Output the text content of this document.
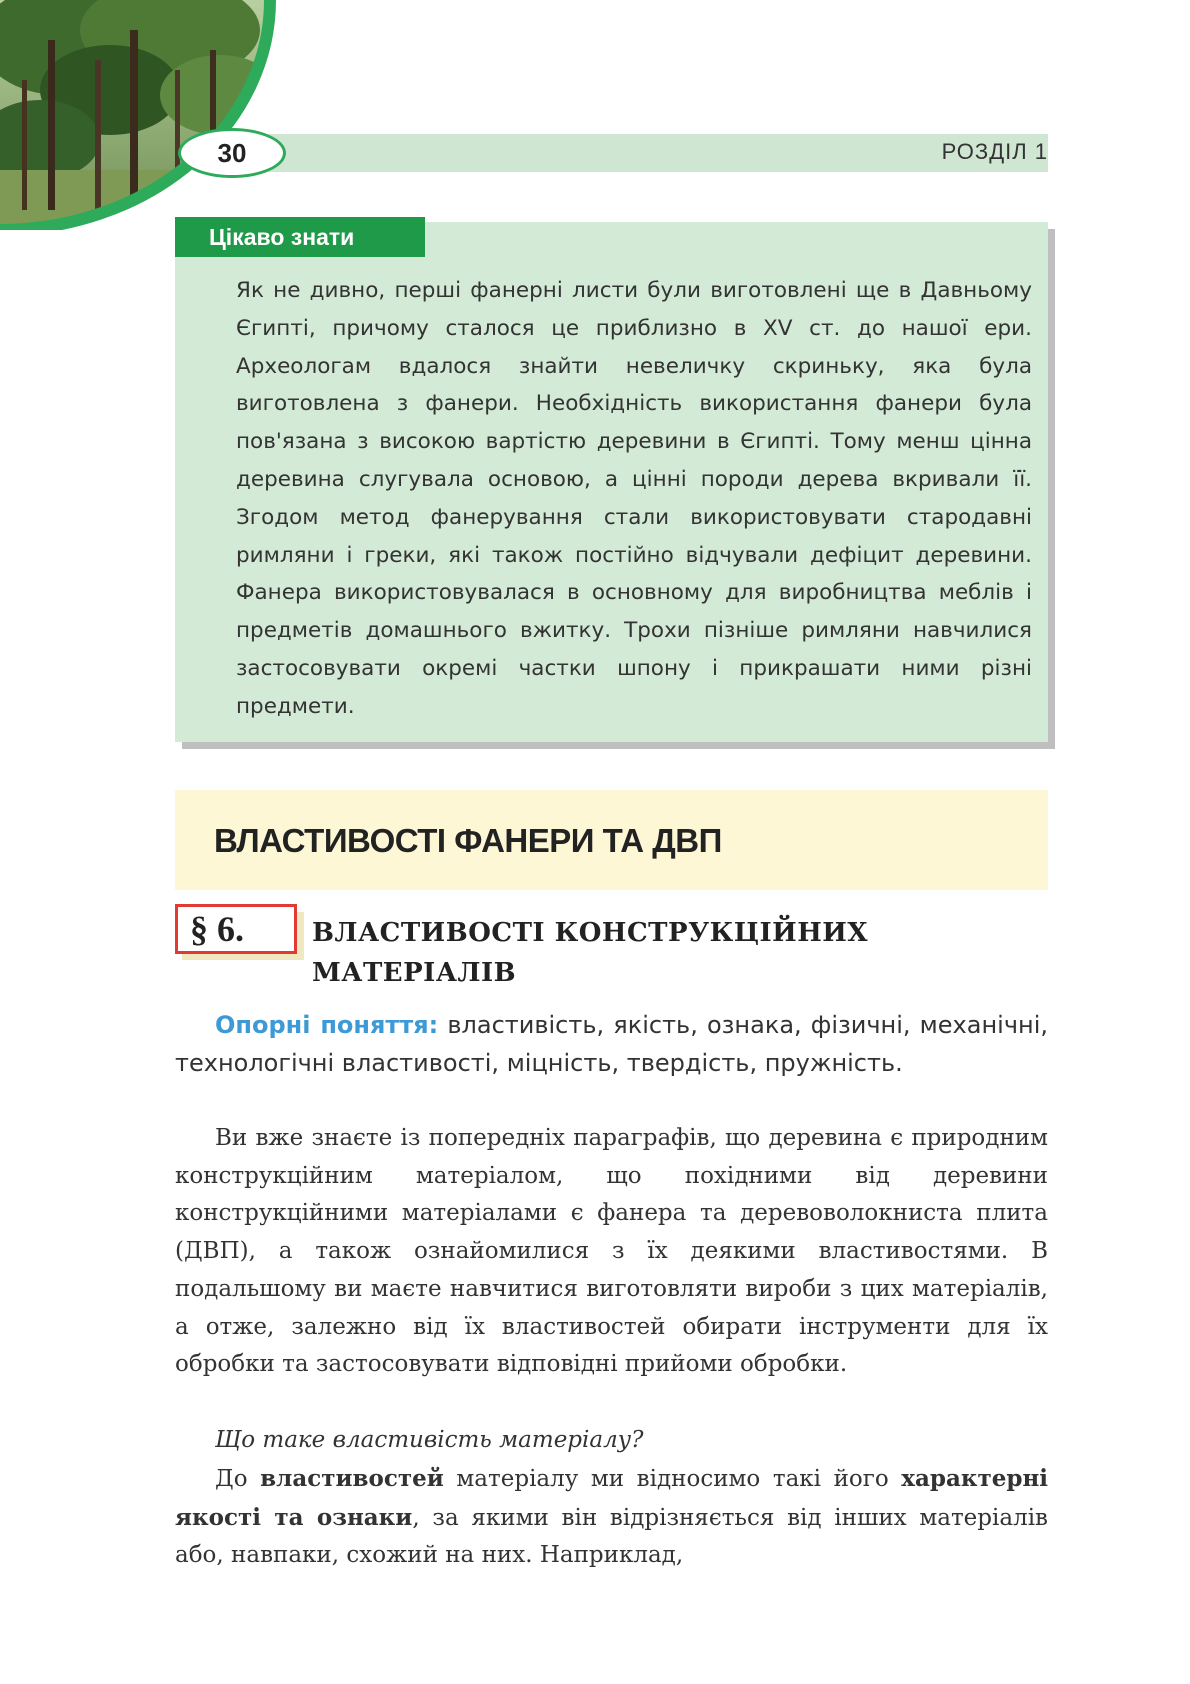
30	РОЗДІЛ 1
Цікаво знати

Як не дивно, перші фанерні листи були виготовлені ще в Давньому Єгипті, причому сталося це приблизно в XV ст. до нашої ери. Археологам вдалося знайти невеличку скриньку, яка була виготовлена з фанери. Необхідність використання фанери була пов'язана з високою вартістю деревини в Єгипті. Тому менш цінна деревина слугувала основою, а цінні породи дерева вкривали її. Згодом метод фанерування стали використовувати стародавні римляни і греки, які також постійно відчували дефіцит деревини. Фанера використовувалася в основному для виробництва меблів і предметів домашнього вжитку. Трохи пізніше римляни навчилися застосовувати окремі частки шпону і прикрашати ними різні предмети.

ВЛАСТИВОСТІ ФАНЕРИ ТА ДВП
§ 6.	ВЛАСТИВОСТІ КОНСТРУКЦІЙНИХ МАТЕРІАЛІВ

Опорні поняття: властивість, якість, ознака, фізичні, механічні, технологічні властивості, міцність, твердість, пружність.

Ви вже знаєте із попередніх параграфів, що деревина є природним конструкційним матеріалом, що похідними від деревини конструкційними матеріалами є фанера та деревоволокниста плита (ДВП), а також ознайомилися з їх деякими властивостями. В подальшому ви маєте навчитися виготовляти вироби з цих матеріалів, а отже, залежно від їх властивостей обирати інструменти для їх обробки та застосовувати відповідні прийоми обробки.

Що таке властивість матеріалу?

До властивостей матеріалу ми відносимо такі його характерні якості та ознаки, за якими він відрізняється від інших матеріалів або, навпаки, схожий на них. Наприклад,
